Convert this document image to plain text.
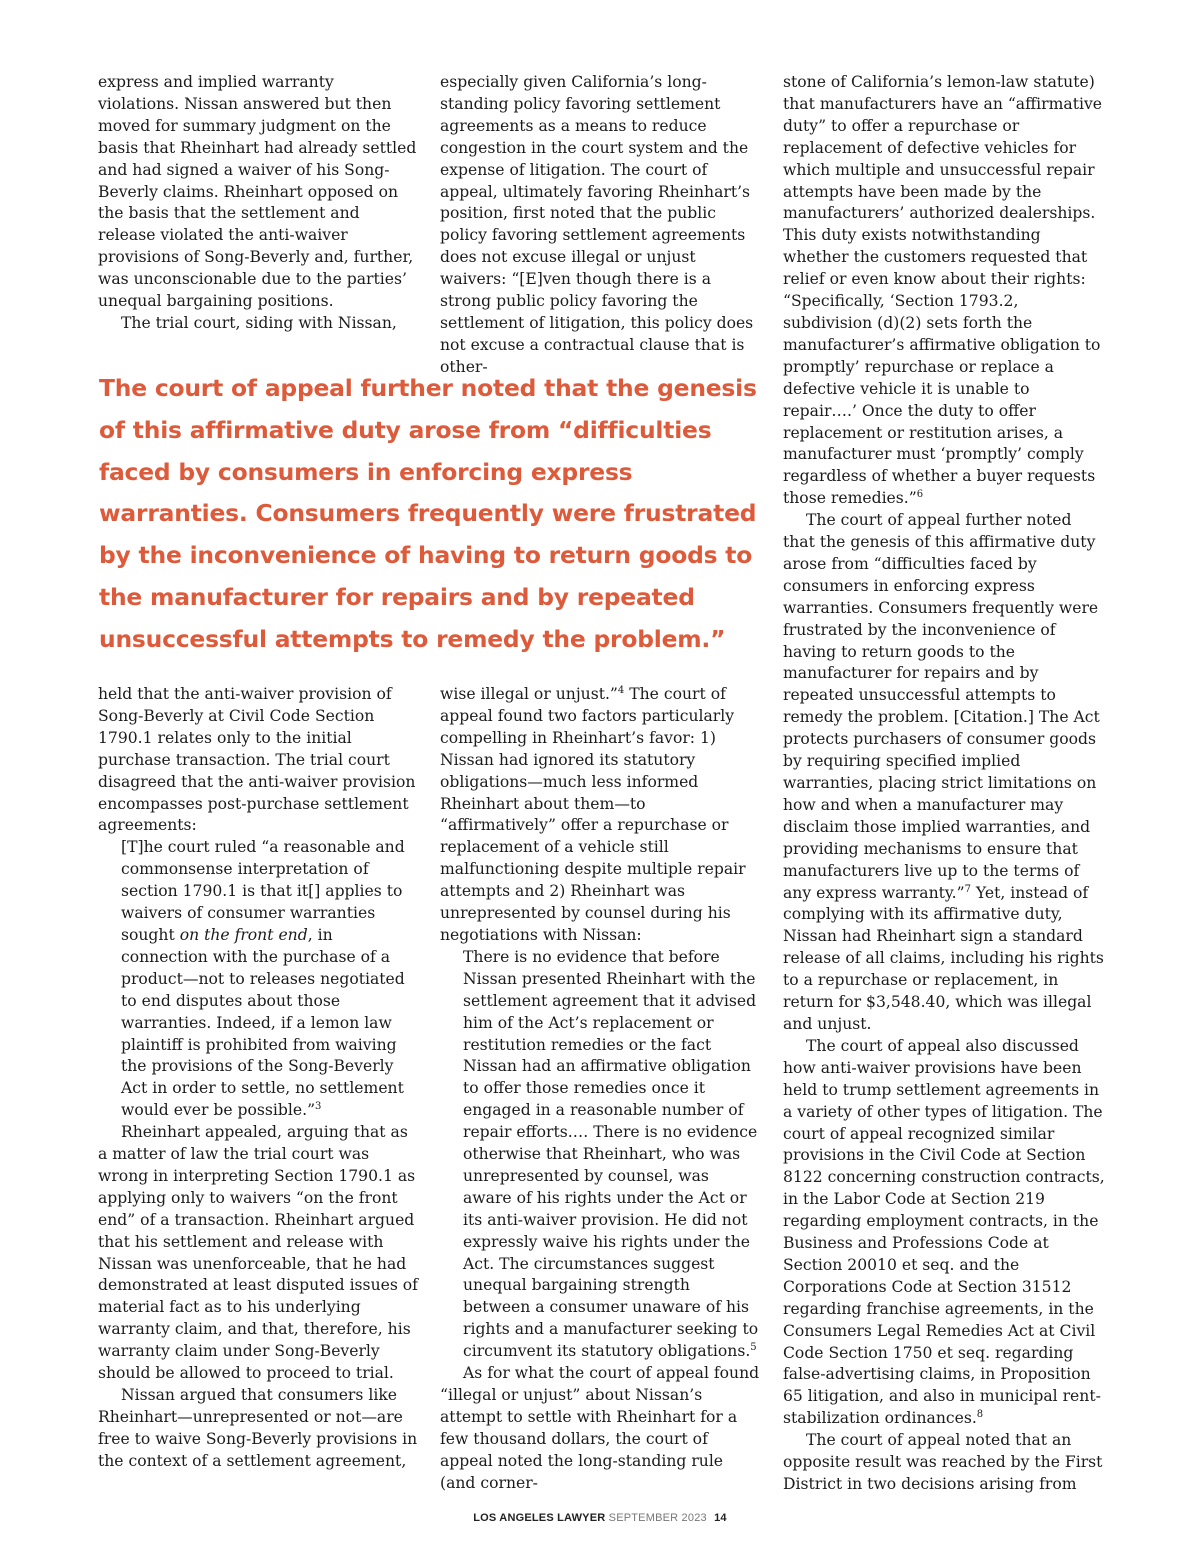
express and implied warranty violations. Nissan answered but then moved for summary judgment on the basis that Rheinhart had already settled and had signed a waiver of his Song-Beverly claims. Rheinhart opposed on the basis that the settlement and release violated the anti-waiver provisions of Song-Beverly and, further, was unconscionable due to the parties’ unequal bargaining positions.

The trial court, siding with Nissan,

especially given California’s long-standing policy favoring settlement agreements as a means to reduce congestion in the court system and the expense of litigation. The court of appeal, ultimately favoring Rheinhart’s position, first noted that the public policy favoring settlement agreements does not excuse illegal or unjust waivers: “[E]ven though there is a strong public policy favoring the settlement of litigation, this policy does not excuse a contractual clause that is other-

The court of appeal further noted that the genesis of this affirmative duty arose from “difficulties faced by consumers in enforcing express warranties. Consumers frequently were frustrated by the inconvenience of having to return goods to the manufacturer for repairs and by repeated unsuccessful attempts to remedy the problem.”

held that the anti-waiver provision of Song-Beverly at Civil Code Section 1790.1 relates only to the initial purchase transaction. The trial court disagreed that the anti-waiver provision encompasses post-purchase settlement agreements:

[T]he court ruled “a reasonable and commonsense interpretation of section 1790.1 is that it[] applies to waivers of consumer warranties sought on the front end, in connection with the purchase of a product—not to releases negotiated to end disputes about those warranties. Indeed, if a lemon law plaintiff is prohibited from waiving the provisions of the Song-Beverly Act in order to settle, no settlement would ever be possible.”$^3$

Rheinhart appealed, arguing that as a matter of law the trial court was wrong in interpreting Section 1790.1 as applying only to waivers “on the front end” of a transaction. Rheinhart argued that his settlement and release with Nissan was unenforceable, that he had demonstrated at least disputed issues of material fact as to his underlying warranty claim, and that, therefore, his warranty claim under Song-Beverly should be allowed to proceed to trial.

Nissan argued that consumers like Rheinhart—unrepresented or not—are free to waive Song-Beverly provisions in the context of a settlement agreement,

wise illegal or unjust.”$^4$ The court of appeal found two factors particularly compelling in Rheinhart’s favor: 1) Nissan had ignored its statutory obligations—much less informed Rheinhart about them—to “affirmatively” offer a repurchase or replacement of a vehicle still malfunctioning despite multiple repair attempts and 2) Rheinhart was unrepresented by counsel during his negotiations with Nissan:

There is no evidence that before Nissan presented Rheinhart with the settlement agreement that it advised him of the Act’s replacement or restitution remedies or the fact Nissan had an affirmative obligation to offer those remedies once it engaged in a reasonable number of repair efforts.… There is no evidence otherwise that Rheinhart, who was unrepresented by counsel, was aware of his rights under the Act or its anti-waiver provision. He did not expressly waive his rights under the Act. The circumstances suggest unequal bargaining strength between a consumer unaware of his rights and a manufacturer seeking to circumvent its statutory obligations.$^5$

As for what the court of appeal found “illegal or unjust” about Nissan’s attempt to settle with Rheinhart for a few thousand dollars, the court of appeal noted the long-standing rule (and corner-

stone of California’s lemon-law statute) that manufacturers have an “affirmative duty” to offer a repurchase or replacement of defective vehicles for which multiple and unsuccessful repair attempts have been made by the manufacturers’ authorized dealerships. This duty exists notwithstanding whether the customers requested that relief or even know about their rights: “Specifically, ‘Section 1793.2, subdivision (d)(2) sets forth the manufacturer’s affirmative obligation to promptly’ repurchase or replace a defective vehicle it is unable to repair….’ Once the duty to offer replacement or restitution arises, a manufacturer must ‘promptly’ comply regardless of whether a buyer requests those remedies.”$^6$

The court of appeal further noted that the genesis of this affirmative duty arose from “difficulties faced by consumers in enforcing express warranties. Consumers frequently were frustrated by the inconvenience of having to return goods to the manufacturer for repairs and by repeated unsuccessful attempts to remedy the problem. [Citation.] The Act protects purchasers of consumer goods by requiring specified implied warranties, placing strict limitations on how and when a manufacturer may disclaim those implied warranties, and providing mechanisms to ensure that manufacturers live up to the terms of any express warranty.”$^7$ Yet, instead of complying with its affirmative duty, Nissan had Rheinhart sign a standard release of all claims, including his rights to a repurchase or replacement, in return for $3,548.40, which was illegal and unjust.

The court of appeal also discussed how anti-waiver provisions have been held to trump settlement agreements in a variety of other types of litigation. The court of appeal recognized similar provisions in the Civil Code at Section 8122 concerning construction contracts, in the Labor Code at Section 219 regarding employment contracts, in the Business and Professions Code at Section 20010 et seq. and the Corporations Code at Section 31512 regarding franchise agreements, in the Consumers Legal Remedies Act at Civil Code Section 1750 et seq. regarding false-advertising claims, in Proposition 65 litigation, and also in municipal rent-stabilization ordinances.$^8$

The court of appeal noted that an opposite result was reached by the First District in two decisions arising from

LOS ANGELES LAWYER SEPTEMBER 2023 14
